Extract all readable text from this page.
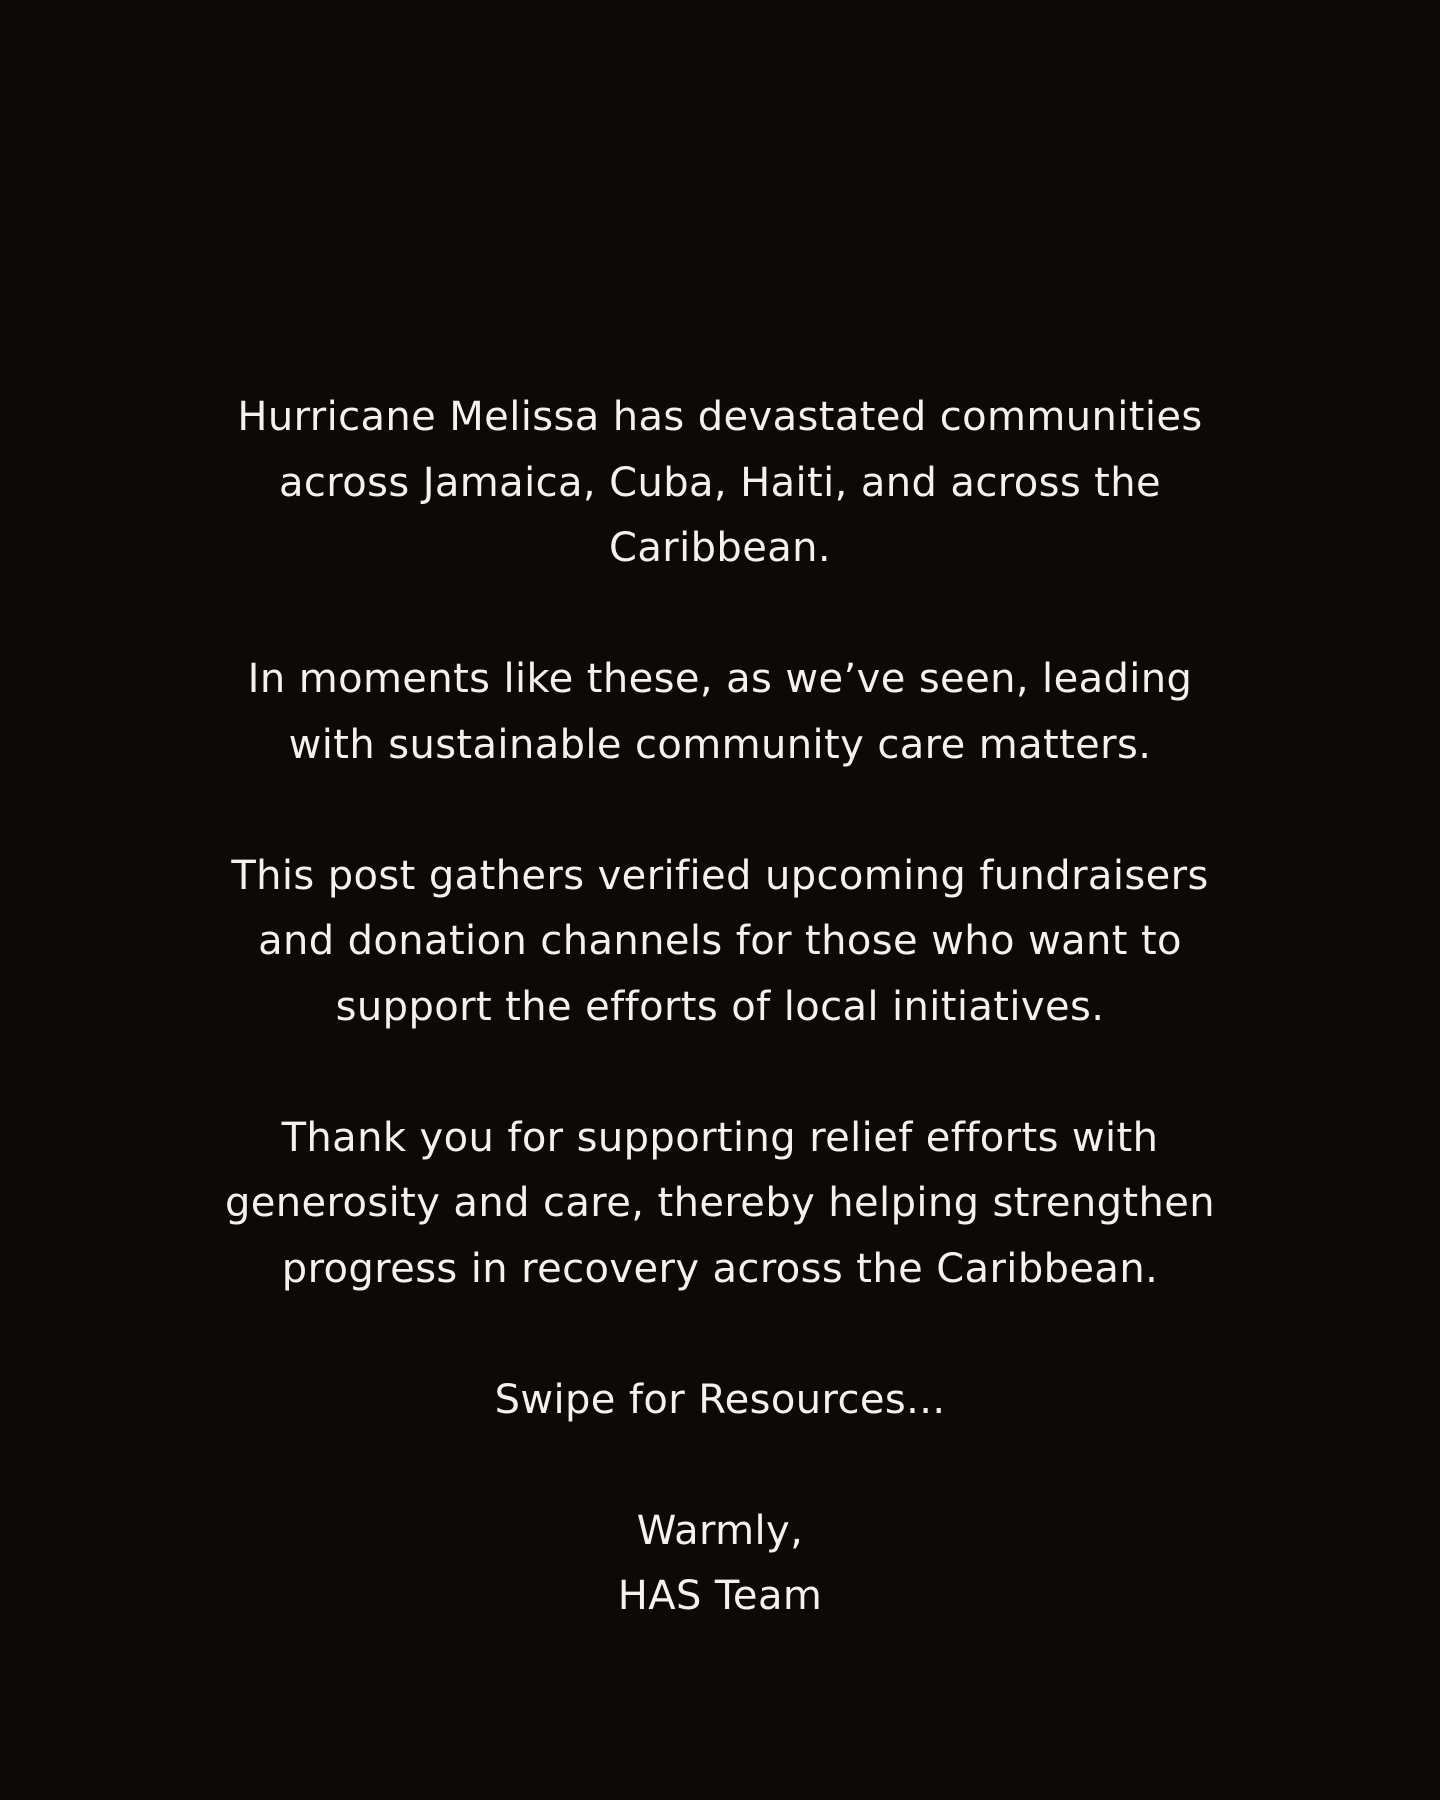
Hurricane Melissa has devastated communities
across Jamaica, Cuba, Haiti, and across the
Caribbean.

In moments like these, as we’ve seen, leading
with sustainable community care matters.

This post gathers verified upcoming fundraisers
and donation channels for those who want to
support the efforts of local initiatives.

Thank you for supporting relief efforts with
generosity and care, thereby helping strengthen
progress in recovery across the Caribbean.

Swipe for Resources...

Warmly,
HAS Team
